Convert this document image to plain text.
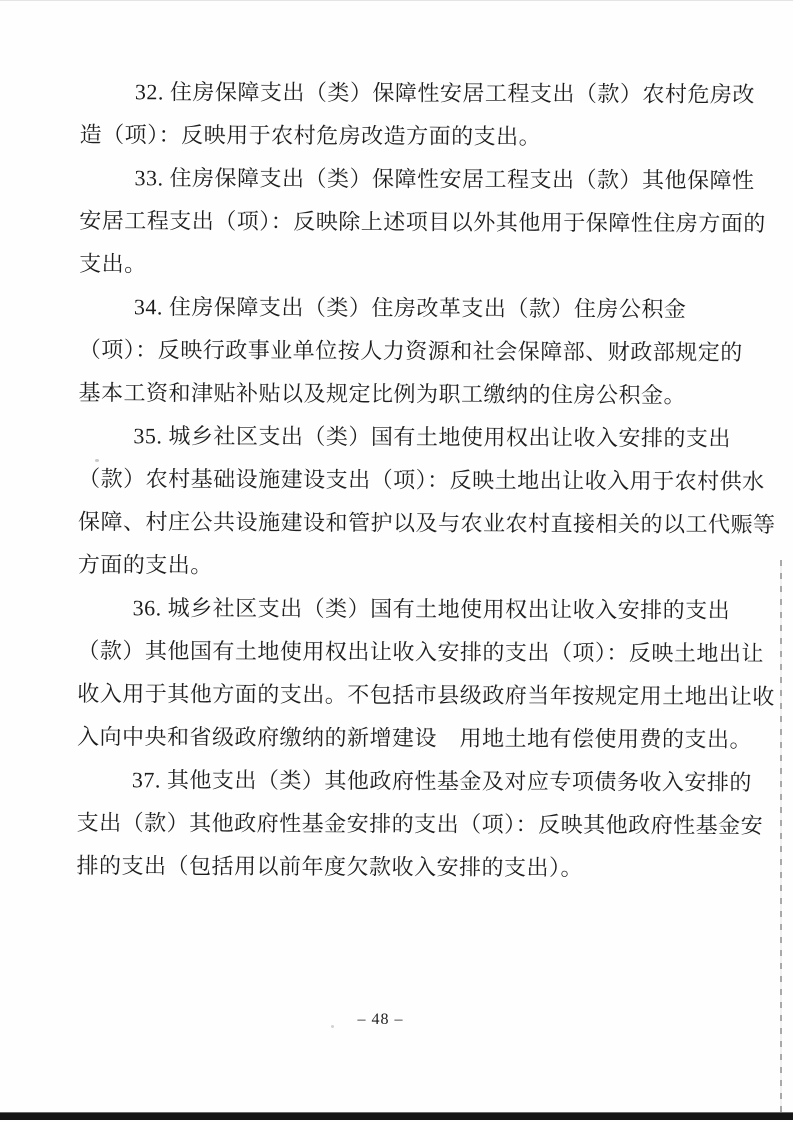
32. 住房保障支出（类）保障性安居工程支出（款）农村危房改
造（项）：反映用于农村危房改造方面的支出。

33. 住房保障支出（类）保障性安居工程支出（款）其他保障性
安居工程支出（项）：反映除上述项目以外其他用于保障性住房方面的
支出。

34. 住房保障支出（类）住房改革支出（款）住房公积金
（项）：反映行政事业单位按人力资源和社会保障部、财政部规定的
基本工资和津贴补贴以及规定比例为职工缴纳的住房公积金。

35. 城乡社区支出（类）国有土地使用权出让收入安排的支出
（款）农村基础设施建设支出（项）：反映土地出让收入用于农村供水
保障、村庄公共设施建设和管护以及与农业农村直接相关的以工代赈等
方面的支出。

36. 城乡社区支出（类）国有土地使用权出让收入安排的支出
（款）其他国有土地使用权出让收入安排的支出（项）：反映土地出让
收入用于其他方面的支出。不包括市县级政府当年按规定用土地出让收
入向中央和省级政府缴纳的新增建设　用地土地有偿使用费的支出。

37. 其他支出（类）其他政府性基金及对应专项债务收入安排的
支出（款）其他政府性基金安排的支出（项）：反映其他政府性基金安
排的支出（包括用以前年度欠款收入安排的支出）。

– 48 –
